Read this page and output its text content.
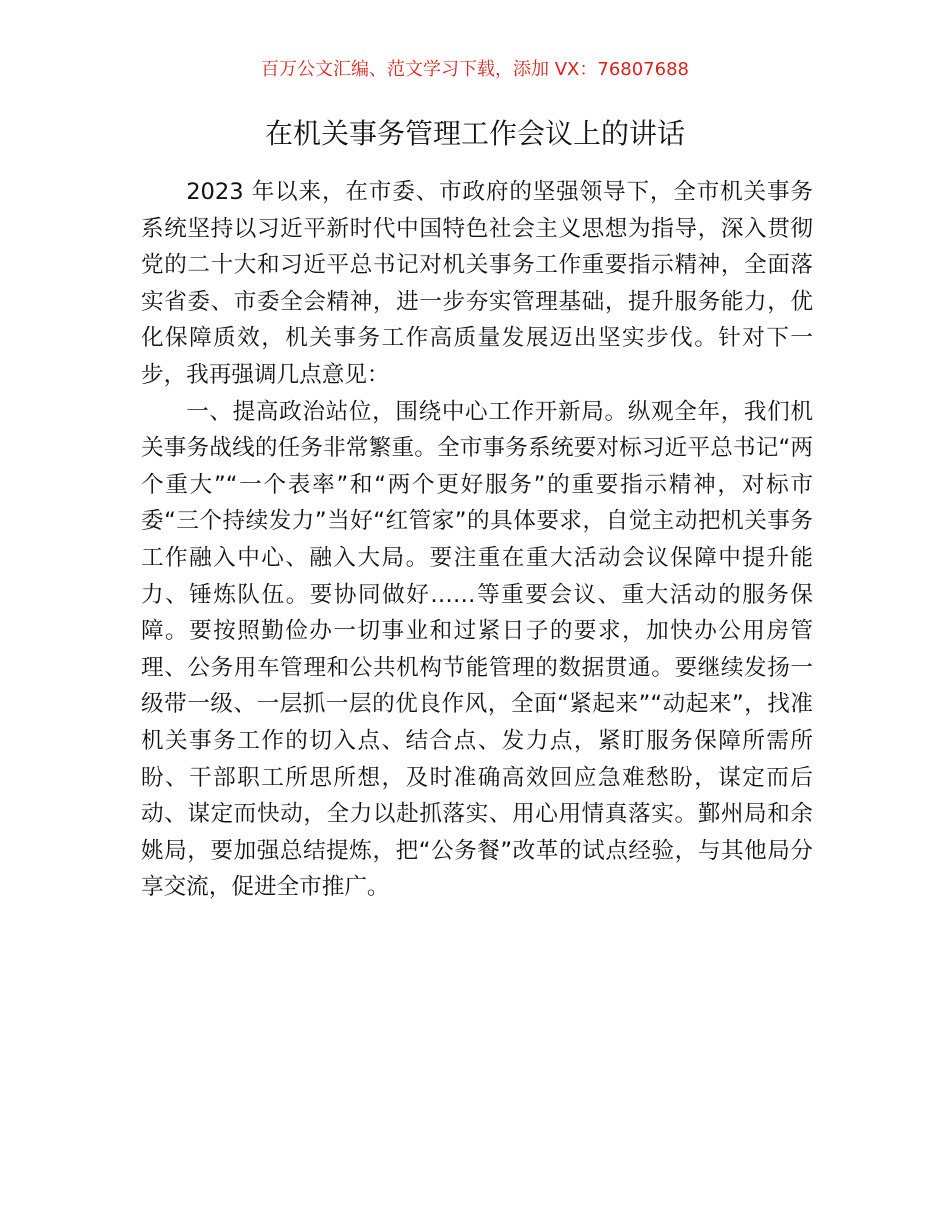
百万公文汇编、范文学习下载，添加 VX：76807688
在机关事务管理工作会议上的讲话

2023 年以来，在市委、市政府的坚强领导下，全市机关事务系统坚持以习近平新时代中国特色社会主义思想为指导，深入贯彻党的二十大和习近平总书记对机关事务工作重要指示精神，全面落实省委、市委全会精神，进一步夯实管理基础，提升服务能力，优化保障质效，机关事务工作高质量发展迈出坚实步伐。针对下一步，我再强调几点意见：

一、提高政治站位，围绕中心工作开新局。纵观全年，我们机关事务战线的任务非常繁重。全市事务系统要对标习近平总书记“两个重大”“一个表率”和“两个更好服务”的重要指示精神，对标市委“三个持续发力”当好“红管家”的具体要求，自觉主动把机关事务工作融入中心、融入大局。要注重在重大活动会议保障中提升能力、锤炼队伍。要协同做好……等重要会议、重大活动的服务保障。要按照勤俭办一切事业和过紧日子的要求，加快办公用房管理、公务用车管理和公共机构节能管理的数据贯通。要继续发扬一级带一级、一层抓一层的优良作风，全面“紧起来”“动起来”，找准机关事务工作的切入点、结合点、发力点，紧盯服务保障所需所盼、干部职工所思所想，及时准确高效回应急难愁盼，谋定而后动、谋定而快动，全力以赴抓落实、用心用情真落实。鄞州局和余姚局，要加强总结提炼，把“公务餐”改革的试点经验，与其他局分享交流，促进全市推广。
